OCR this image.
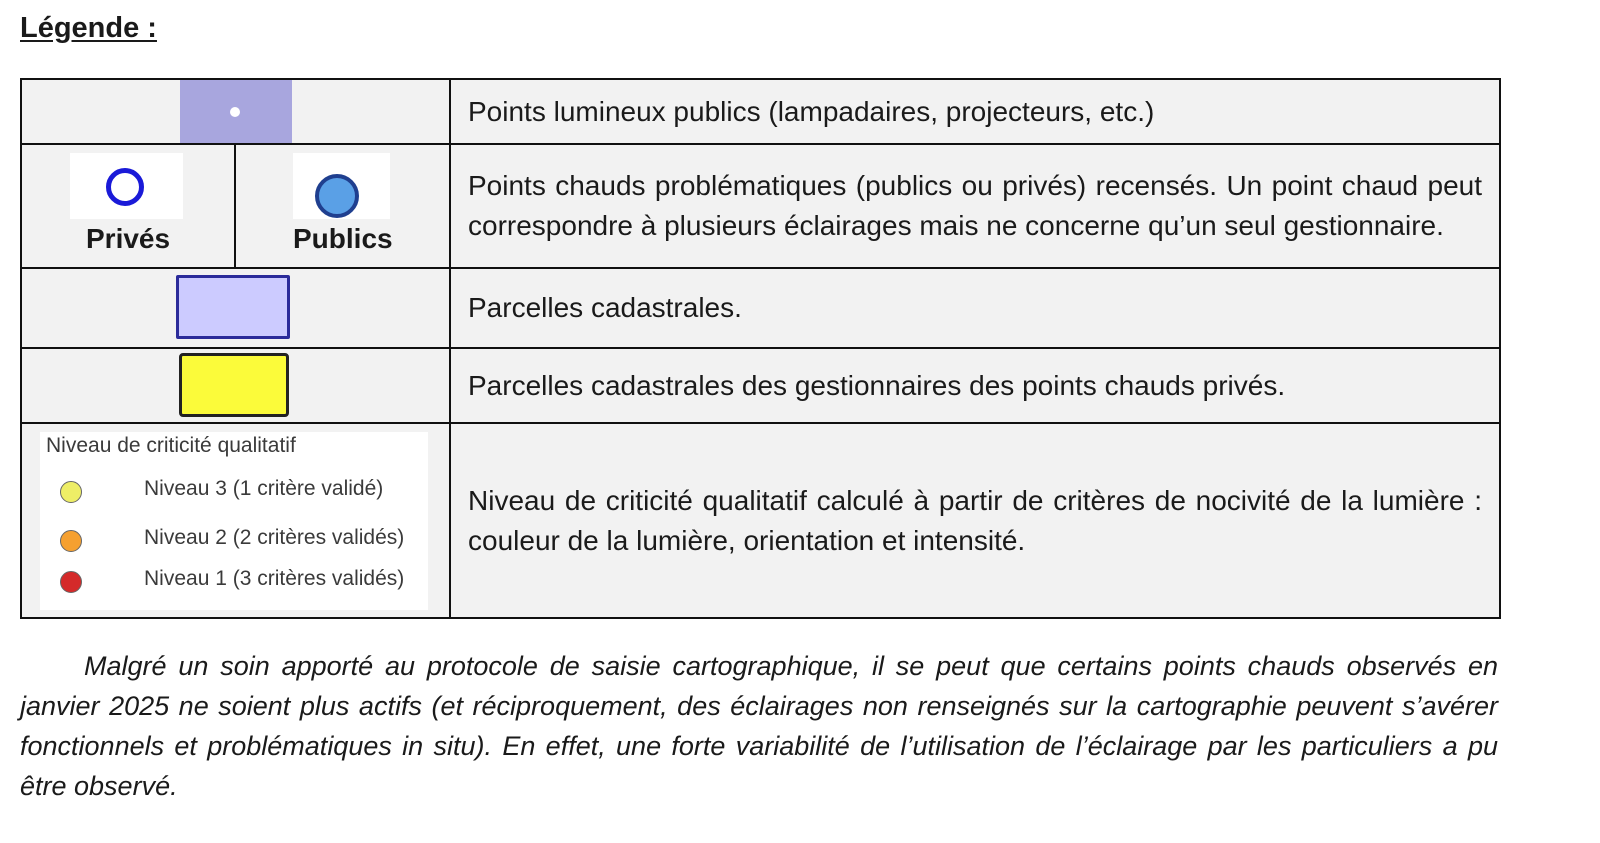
Légende :
	Points lumineux publics (lampadaires, projecteurs, etc.)

Privés Publics	Points chauds problématiques (publics ou privés) recensés. Un point chaud peut correspondre à plusieurs éclairages mais ne concerne qu’un seul gestionnaire.

	Parcelles cadastrales.

	Parcelles cadastrales des gestionnaires des points chauds privés.

Niveau de criticité qualitatif
Niveau 3 (1 critère validé)
Niveau 2 (2 critères validés)
Niveau 1 (3 critères validés)	Niveau de criticité qualitatif calculé à partir de critères de nocivité de la lumière : couleur de la lumière, orientation et intensité.

Malgré un soin apporté au protocole de saisie cartographique, il se peut que certains points chauds observés en janvier 2025 ne soient plus actifs (et réciproquement, des éclairages non renseignés sur la cartographie peuvent s’avérer fonctionnels et problématiques in situ). En effet, une forte variabilité de l’utilisation de l’éclairage par les particuliers a pu être observé.
